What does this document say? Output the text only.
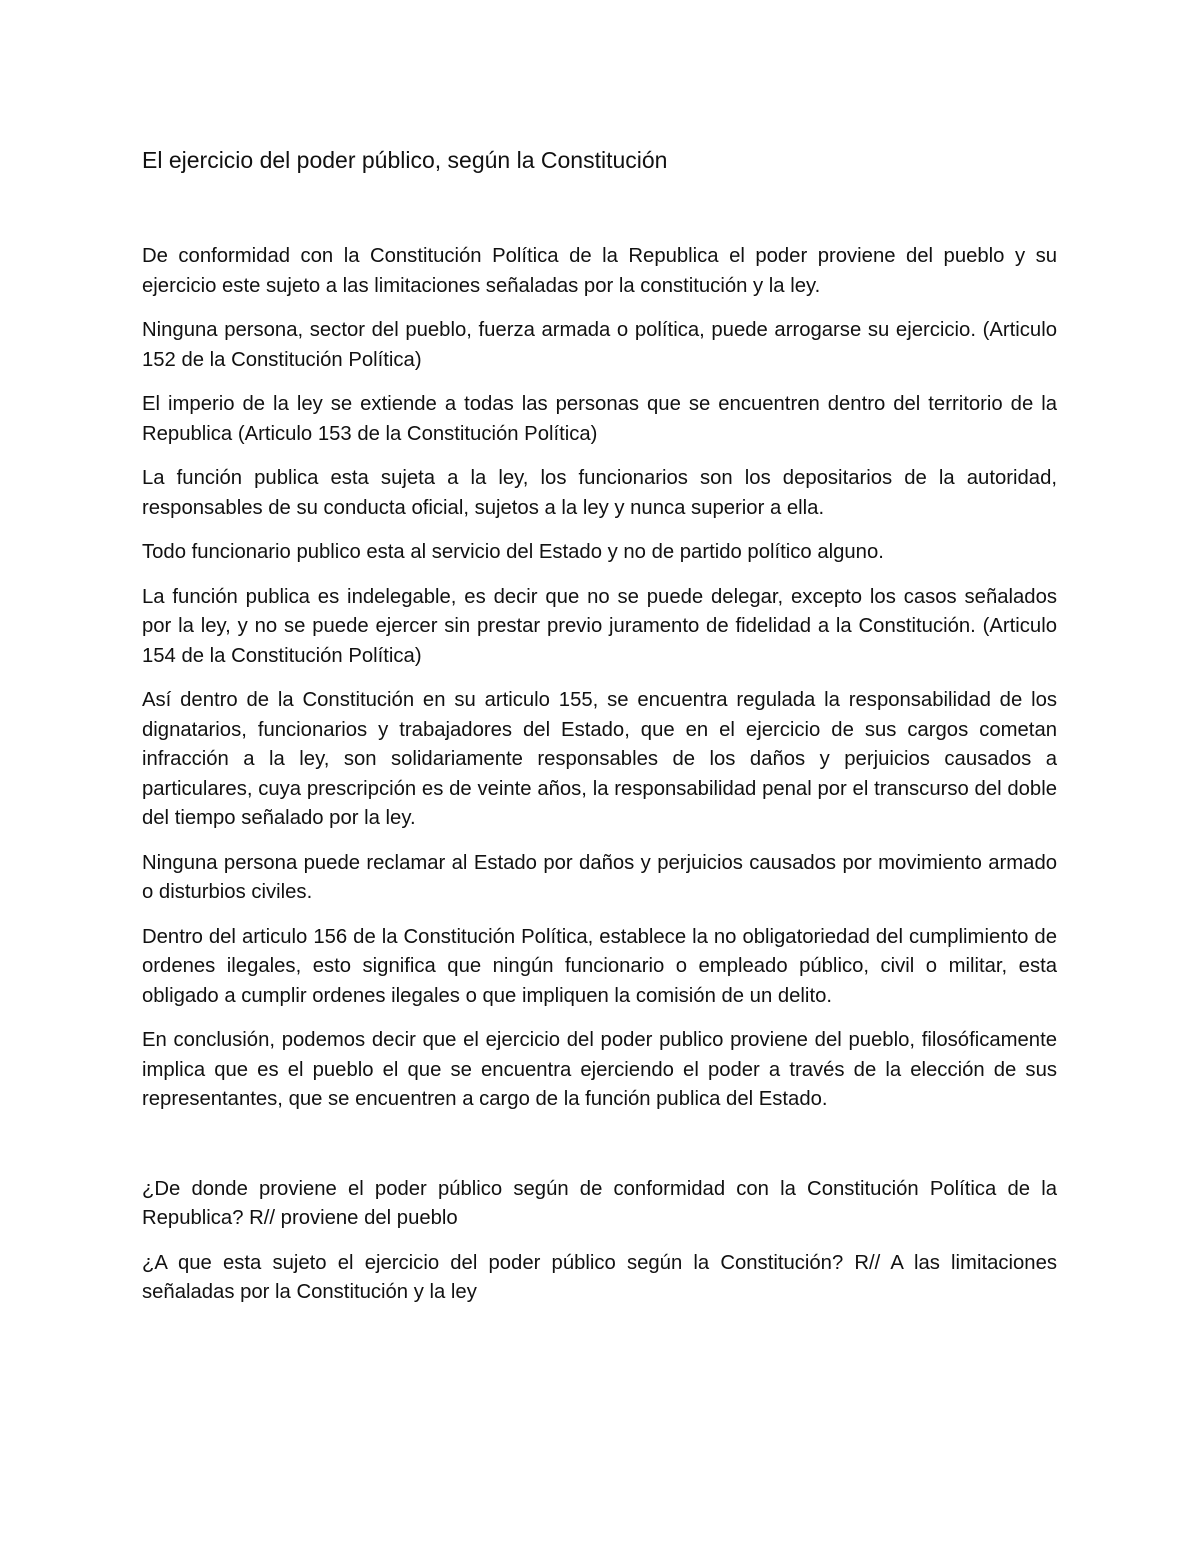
El ejercicio del poder público, según la Constitución

De conformidad con la Constitución Política de la Republica el poder proviene del pueblo y su ejercicio este sujeto a las limitaciones señaladas por la constitución y la ley.

Ninguna persona, sector del pueblo, fuerza armada o política, puede arrogarse su ejercicio. (Articulo 152 de la Constitución Política)

El imperio de la ley se extiende a todas las personas que se encuentren dentro del territorio de la Republica (Articulo 153 de la Constitución Política)

La función publica esta sujeta a la ley, los funcionarios son los depositarios de la autoridad, responsables de su conducta oficial, sujetos a la ley y nunca superior a ella.

Todo funcionario publico esta al servicio del Estado y no de partido político alguno.

La función publica es indelegable, es decir que no se puede delegar, excepto los casos señalados por la ley, y no se puede ejercer sin prestar previo juramento de fidelidad a la Constitución. (Articulo 154 de la Constitución Política)

Así dentro de la Constitución en su articulo 155, se encuentra regulada la responsabilidad de los dignatarios, funcionarios y trabajadores del Estado, que en el ejercicio de sus cargos cometan infracción a la ley, son solidariamente responsables de los daños y perjuicios causados a particulares, cuya prescripción es de veinte años, la responsabilidad penal por el transcurso del doble del tiempo señalado por la ley.

Ninguna persona puede reclamar al Estado por daños y perjuicios causados por movimiento armado o disturbios civiles.

Dentro del articulo 156 de la Constitución Política, establece la no obligatoriedad del cumplimiento de ordenes ilegales, esto significa que ningún funcionario o empleado público, civil o militar, esta obligado a cumplir ordenes ilegales o que impliquen la comisión de un delito.

En conclusión, podemos decir que el ejercicio del poder publico proviene del pueblo, filosóficamente implica que es el pueblo el que se encuentra ejerciendo el poder a través de la elección de sus representantes, que se encuentren a cargo de la función publica del Estado.

¿De donde proviene el poder público según de conformidad con la Constitución Política de la Republica? R// proviene del pueblo

¿A que esta sujeto el ejercicio del poder público según la Constitución? R// A las limitaciones señaladas por la Constitución y la ley
